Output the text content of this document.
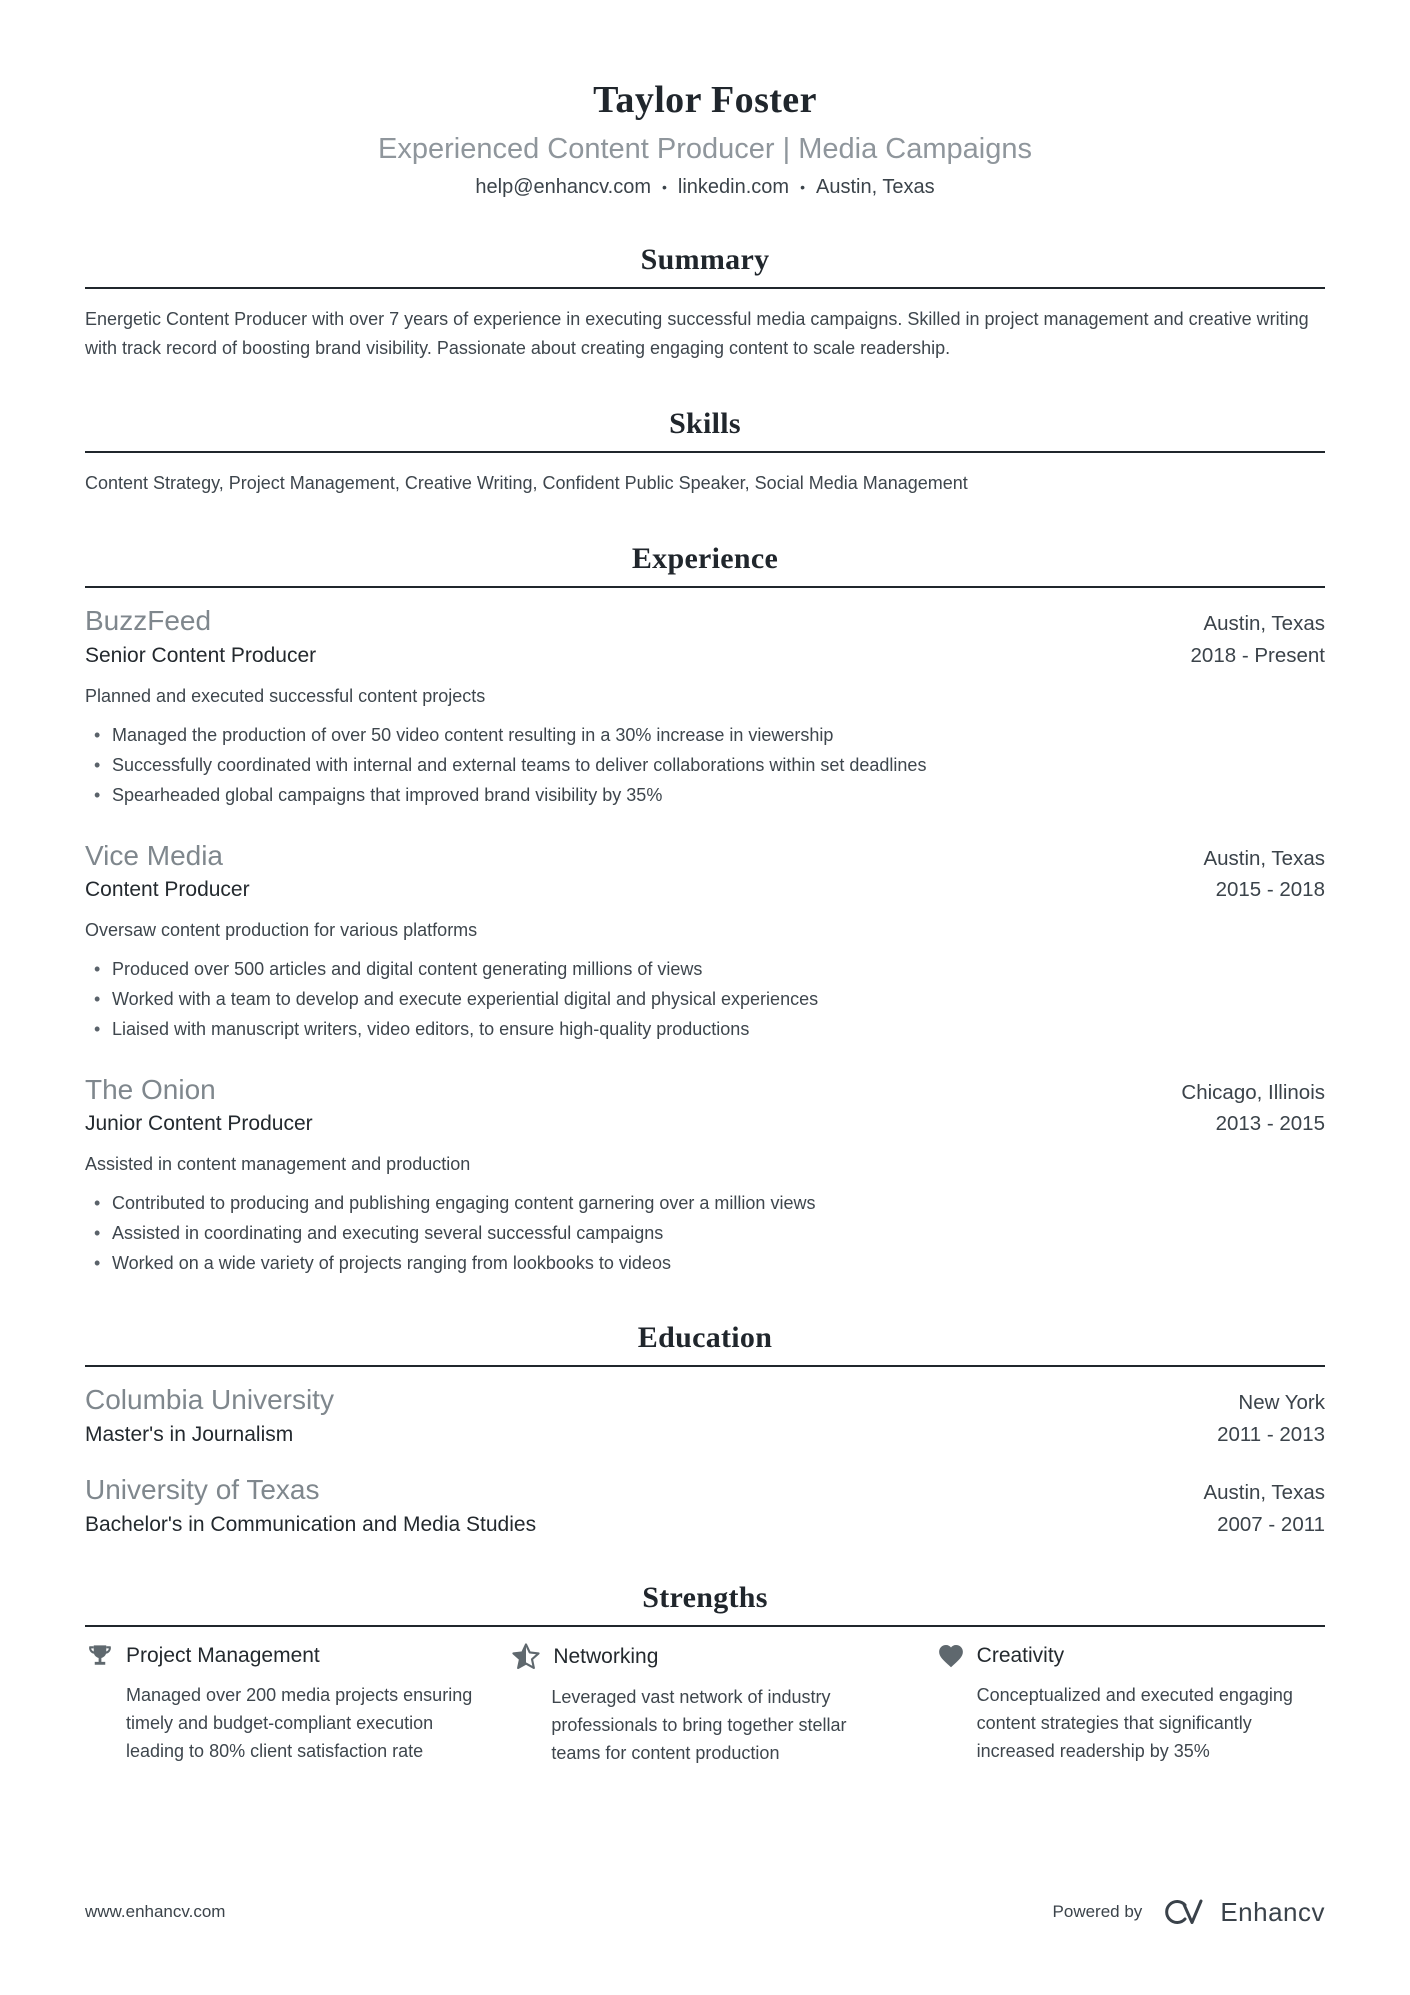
Taylor Foster
Experienced Content Producer | Media Campaigns
help@enhancv.com • linkedin.com • Austin, Texas
Summary

Energetic Content Producer with over 7 years of experience in executing successful media campaigns. Skilled in project management and creative writing with track record of boosting brand visibility. Passionate about creating engaging content to scale readership.

Skills

Content Strategy, Project Management, Creative Writing, Confident Public Speaker, Social Media Management

Experience
BuzzFeed	Austin, Texas
Senior Content Producer	2018 - Present

Planned and executed successful content projects

• Managed the production of over 50 video content resulting in a 30% increase in viewership
• Successfully coordinated with internal and external teams to deliver collaborations within set deadlines
• Spearheaded global campaigns that improved brand visibility by 35%
Vice Media	Austin, Texas
Content Producer	2015 - 2018

Oversaw content production for various platforms

• Produced over 500 articles and digital content generating millions of views
• Worked with a team to develop and execute experiential digital and physical experiences
• Liaised with manuscript writers, video editors, to ensure high-quality productions
The Onion	Chicago, Illinois
Junior Content Producer	2013 - 2015

Assisted in content management and production

• Contributed to producing and publishing engaging content garnering over a million views
• Assisted in coordinating and executing several successful campaigns
• Worked on a wide variety of projects ranging from lookbooks to videos
Education
Columbia University	New York
Master's in Journalism	2011 - 2013
University of Texas	Austin, Texas
Bachelor's in Communication and Media Studies	2007 - 2011
Strengths
Project Management

Managed over 200 media projects ensuring timely and budget-compliant execution leading to 80% client satisfaction rate

Networking

Leveraged vast network of industry professionals to bring together stellar teams for content production

Creativity

Conceptualized and executed engaging content strategies that significantly increased readership by 35%

www.enhancv.com	Powered by	Enhancv
